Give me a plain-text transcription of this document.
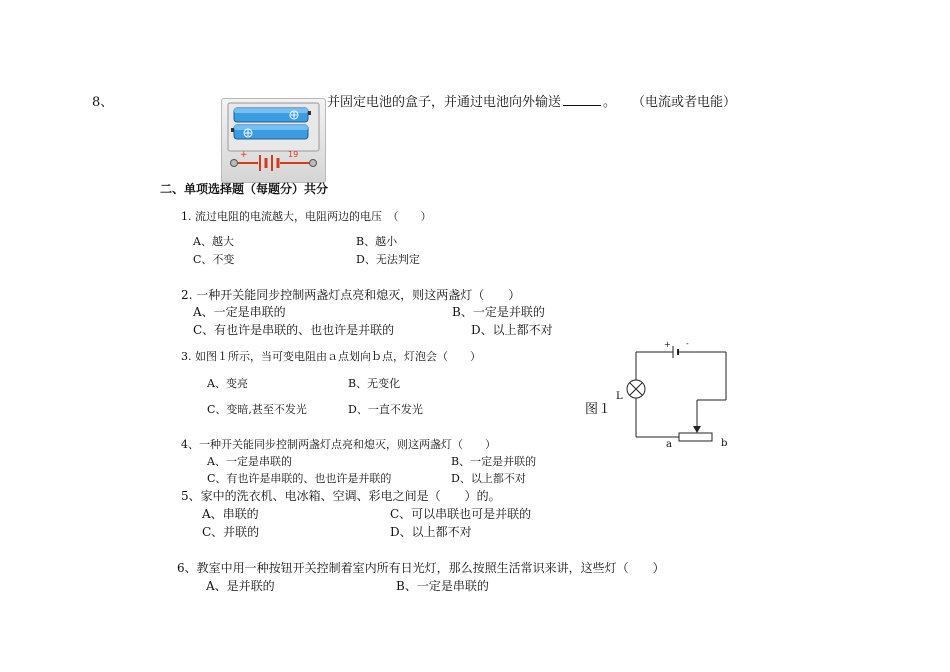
8、
+	19
并固定电池的盒子，并通过电池向外输送	。 （电流或者电能）
二、单项选择题（每题分）共分
1. 流过电阻的电流越大，电阻两边的电压　（　　）
A、越大	B、越小
C、不变	D、无法判定
2. 一种开关能同步控制两盏灯点亮和熄灭，则这两盏灯（　　）
A、一定是串联的	B、一定是并联的
C、有也许是串联的、也也许是并联的	D、以上都不对
3. 如图１所示，当可变电阻由ａ点划向ｂ点，灯泡会（　　）
A、变亮	B、无变化
C、变暗,甚至不发光	D、一直不发光	图１
+ -
L
a	b
4、一种开关能同步控制两盏灯点亮和熄灭，则这两盏灯（　　）
A、一定是串联的	B、一定是并联的
C、有也许是串联的、也也许是并联的	D、以上都不对
5、家中的洗衣机、电冰箱、空调、彩电之间是（　　）的。
A、串联的	C、可以串联也可是并联的
C、并联的	D、以上都不对
6、教室中用一种按钮开关控制着室内所有日光灯，那么按照生活常识来讲，这些灯（　　）
A、是并联的	B、一定是串联的
